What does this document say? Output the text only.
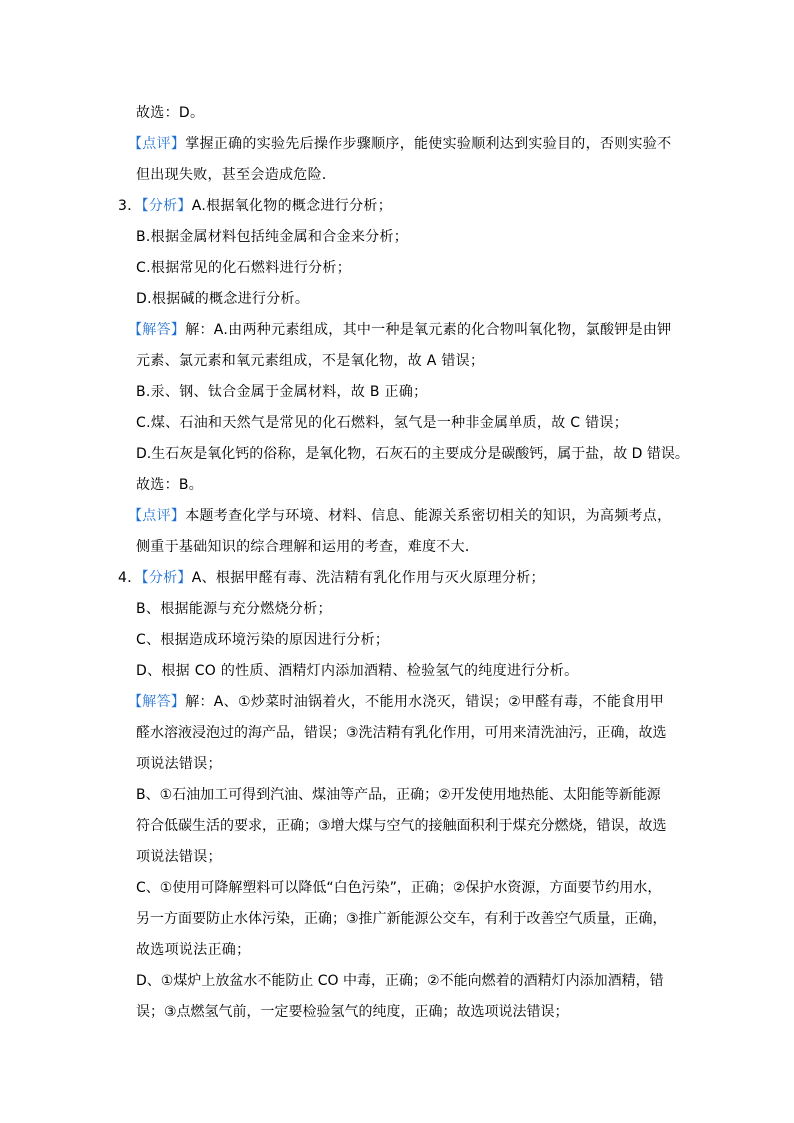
故选：D。
【点评】掌握正确的实验先后操作步骤顺序，能使实验顺利达到实验目的，否则实验不
但出现失败，甚至会造成危险．
3．【分析】A.根据氧化物的概念进行分析；
B.根据金属材料包括纯金属和合金来分析；
C.根据常见的化石燃料进行分析；
D.根据碱的概念进行分析。
【解答】解：A.由两种元素组成，其中一种是氧元素的化合物叫氧化物，氯酸钾是由钾
元素、氯元素和氧元素组成，不是氧化物，故 A 错误；
B.汞、钢、钛合金属于金属材料，故 B 正确；
C.煤、石油和天然气是常见的化石燃料，氢气是一种非金属单质，故 C 错误；
D.生石灰是氧化钙的俗称，是氧化物，石灰石的主要成分是碳酸钙，属于盐，故 D 错误。
故选：B。
【点评】本题考查化学与环境、材料、信息、能源关系密切相关的知识，为高频考点，
侧重于基础知识的综合理解和运用的考查，难度不大．
4．【分析】A、根据甲醛有毒、洗洁精有乳化作用与灭火原理分析；
B、根据能源与充分燃烧分析；
C、根据造成环境污染的原因进行分析；
D、根据 CO 的性质、酒精灯内添加酒精、检验氢气的纯度进行分析。
【解答】解：A、①炒菜时油锅着火，不能用水浇灭，错误；②甲醛有毒，不能食用甲
醛水溶液浸泡过的海产品，错误；③洗洁精有乳化作用，可用来清洗油污，正确，故选
项说法错误；
B、①石油加工可得到汽油、煤油等产品，正确；②开发使用地热能、太阳能等新能源
符合低碳生活的要求，正确；③增大煤与空气的接触面积利于煤充分燃烧，错误，故选
项说法错误；
C、①使用可降解塑料可以降低“白色污染”，正确；②保护水资源，方面要节约用水，
另一方面要防止水体污染，正确；③推广新能源公交车，有利于改善空气质量，正确，
故选项说法正确；
D、①煤炉上放盆水不能防止 CO 中毒，正确；②不能向燃着的酒精灯内添加酒精，错
误；③点燃氢气前，一定要检验氢气的纯度，正确；故选项说法错误；
